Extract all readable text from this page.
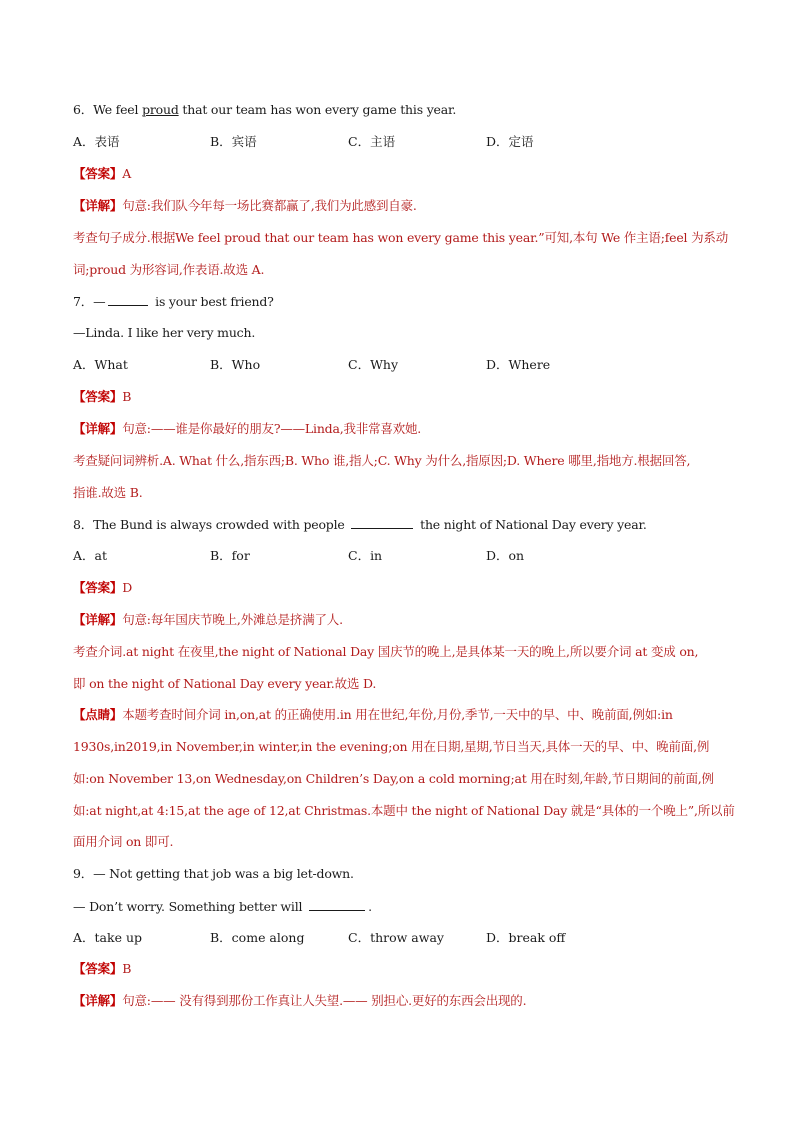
6．We feel proud that our team has won every game this year.
A．表语	B．宾语	C．主语	D．定语
【答案】A
【详解】句意:我们队今年每一场比赛都赢了,我们为此感到自豪.
考查句子成分.根据We feel proud that our team has won every game this year.”可知,本句 We 作主语;feel 为系动
词;proud 为形容词,作表语.故选 A.
7．—	is your best friend?
—Linda. I like her very much.
A．What	B．Who	C．Why	D．Where
【答案】B
【详解】句意:——谁是你最好的朋友?——Linda,我非常喜欢她.
考查疑问词辨析.A. What 什么,指东西;B. Who 谁,指人;C. Why 为什么,指原因;D. Where 哪里,指地方.根据回答,
指谁.故选 B.
8．The Bund is always crowded with people	the night of National Day every year.
A．at	B．for	C．in	D．on
【答案】D
【详解】句意:每年国庆节晚上,外滩总是挤满了人.
考查介词.at night 在夜里,the night of National Day 国庆节的晚上,是具体某一天的晚上,所以要介词 at 变成 on,
即 on the night of National Day every year.故选 D.
【点睛】本题考查时间介词 in,on,at 的正确使用.in 用在世纪,年份,月份,季节,一天中的早、中、晚前面,例如:in
1930s,in2019,in November,in winter,in the evening;on 用在日期,星期,节日当天,具体一天的早、中、晚前面,例
如:on November 13,on Wednesday,on Children’s Day,on a cold morning;at 用在时刻,年龄,节日期间的前面,例
如:at night,at 4:15,at the age of 12,at Christmas.本题中 the night of National Day 就是“具体的一个晚上”,所以前
面用介词 on 即可.
9．— Not getting that job was a big let-down.
— Don’t worry. Something better will	.
A．take up	B．come along	C．throw away	D．break off
【答案】B
【详解】句意:—— 没有得到那份工作真让人失望.—— 别担心.更好的东西会出现的.
